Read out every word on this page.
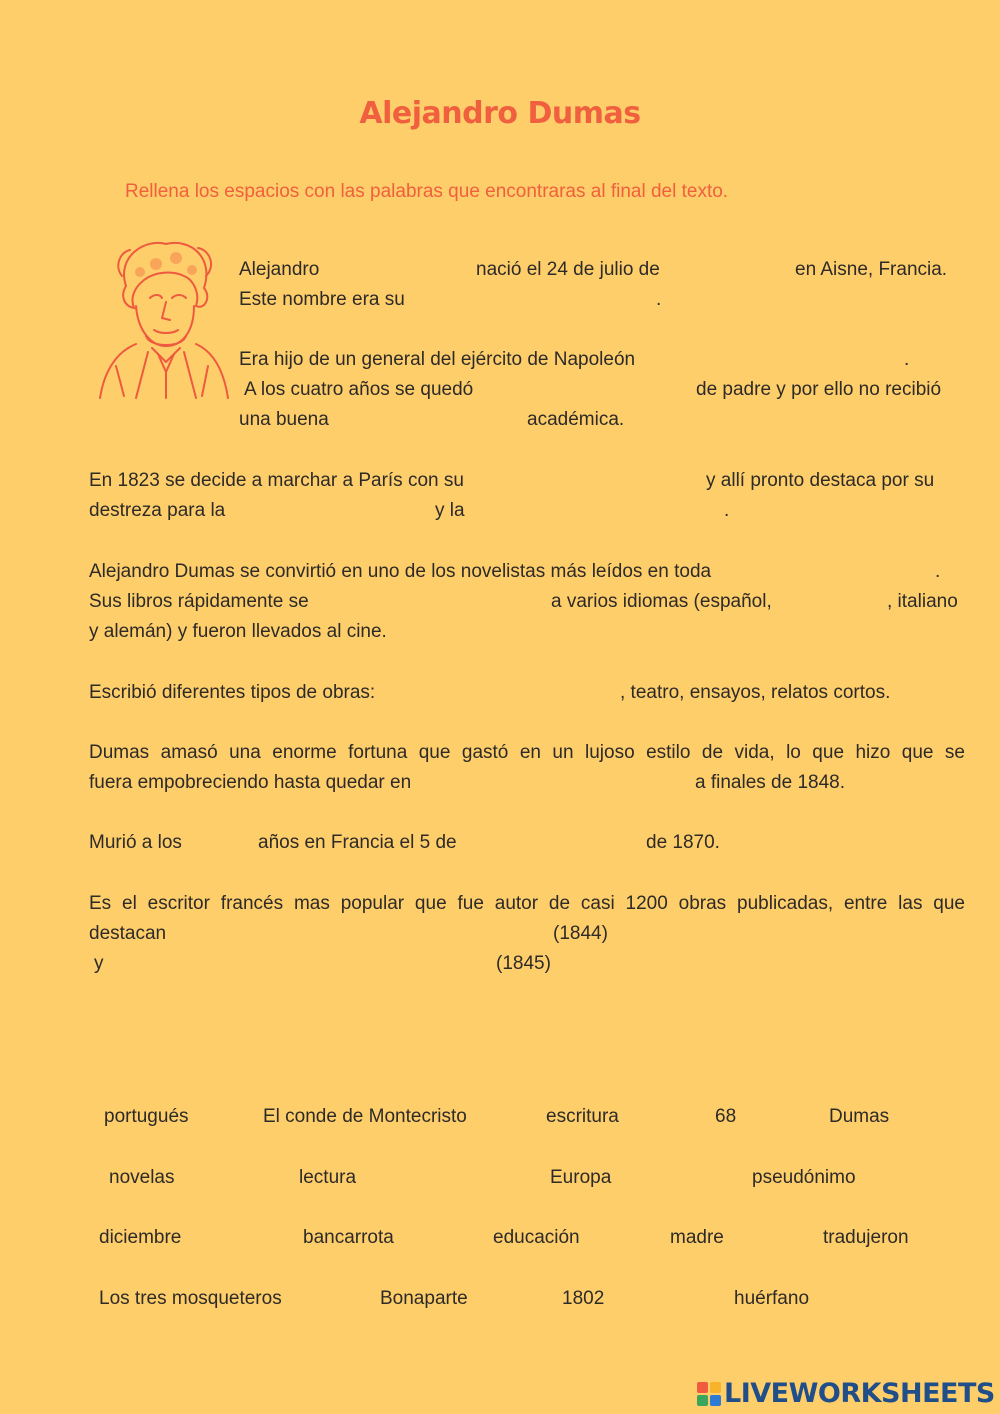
Alejandro Dumas
Rellena los espacios con las palabras que encontraras al final del texto.
Alejandro	nació el 24 de julio de	en Aisne, Francia.
Este nombre era su	.
Era hijo de un general del ejército de Napoleón	.
A los cuatro años se quedó	de padre y por ello no recibió
una buena	académica.
En 1823 se decide a marchar a París con su	y allí pronto destaca por su
destreza para la	y la	.
Alejandro Dumas se convirtió en uno de los novelistas más leídos en toda	.
Sus libros rápidamente se	a varios idiomas (español,	, italiano
y alemán) y fueron llevados al cine.
Escribió diferentes tipos de obras:	, teatro, ensayos, relatos cortos.
Dumas amasó una enorme fortuna que gastó en un lujoso estilo de vida, lo que hizo que se
fuera empobreciendo hasta quedar en	a finales de 1848.
Murió a los	años en Francia el 5 de	de 1870.
Es el escritor francés mas popular que fue autor de casi 1200 obras publicadas, entre las que
destacan	(1844)
y	(1845)
portugués	El conde de Montecristo	escritura	68	Dumas
novelas	lectura	Europa	pseudónimo
diciembre	bancarrota	educación	madre	tradujeron
Los tres mosqueteros	Bonaparte	1802	huérfano
LIVEWORKSHEETS
